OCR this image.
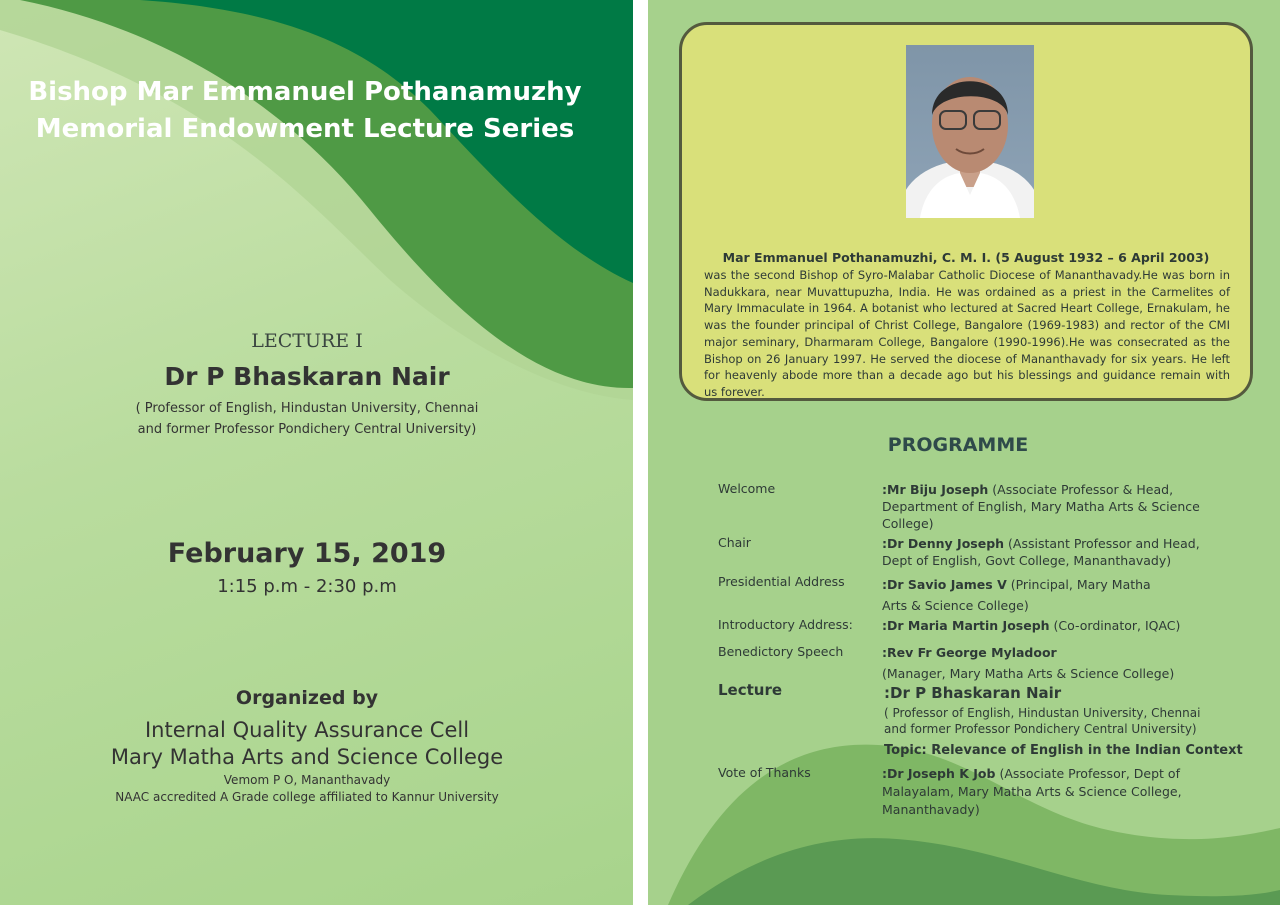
Bishop Mar Emmanuel Pothanamuzhy
Memorial Endowment Lecture Series
LECTURE I
Dr P Bhaskaran Nair
( Professor of English, Hindustan University, Chennai
and former Professor Pondichery Central University)
February 15, 2019
1:15 p.m - 2:30 p.m
Organized by
Internal Quality Assurance Cell
Mary Matha Arts and Science College
Vemom P O, Mananthavady
NAAC accredited A Grade college affiliated to Kannur University
Mar Emmanuel Pothanamuzhi, C. M. I. (5 August 1932 – 6 April 2003)
was the second Bishop of Syro-Malabar Catholic Diocese of Mananthavady.He was born in Nadukkara, near Muvattupuzha, India. He was ordained as a priest in the Carmelites of Mary Immaculate in 1964. A botanist who lectured at Sacred Heart College, Ernakulam, he was the founder principal of Christ College, Bangalore (1969-1983) and rector of the CMI major seminary, Dharmaram College, Bangalore (1990-1996).He was consecrated as the Bishop on 26 January 1997. He served the diocese of Mananthavady for six years. He left for heavenly abode more than a decade ago but his blessings and guidance remain with us forever.
PROGRAMME
Welcome	:Mr Biju Joseph (Associate Professor & Head, Department of English, Mary Matha Arts & Science College)
Chair	:Dr Denny Joseph (Assistant Professor and Head, Dept of English, Govt College, Mananthavady)
Presidential Address	:Dr Savio James V (Principal, Mary Matha Arts & Science College)
Introductory Address: :Dr Maria Martin Joseph (Co-ordinator, IQAC)
Benedictory Speech	:Rev Fr George Myladoor
(Manager, Mary Matha Arts & Science College)
Lecture	:Dr P Bhaskaran Nair
( Professor of English, Hindustan University, Chennai
and former Professor Pondichery Central University)
Topic: Relevance of English in the Indian Context
Vote of Thanks	:Dr Joseph K Job (Associate Professor, Dept of Malayalam, Mary Matha Arts & Science College, Mananthavady)
